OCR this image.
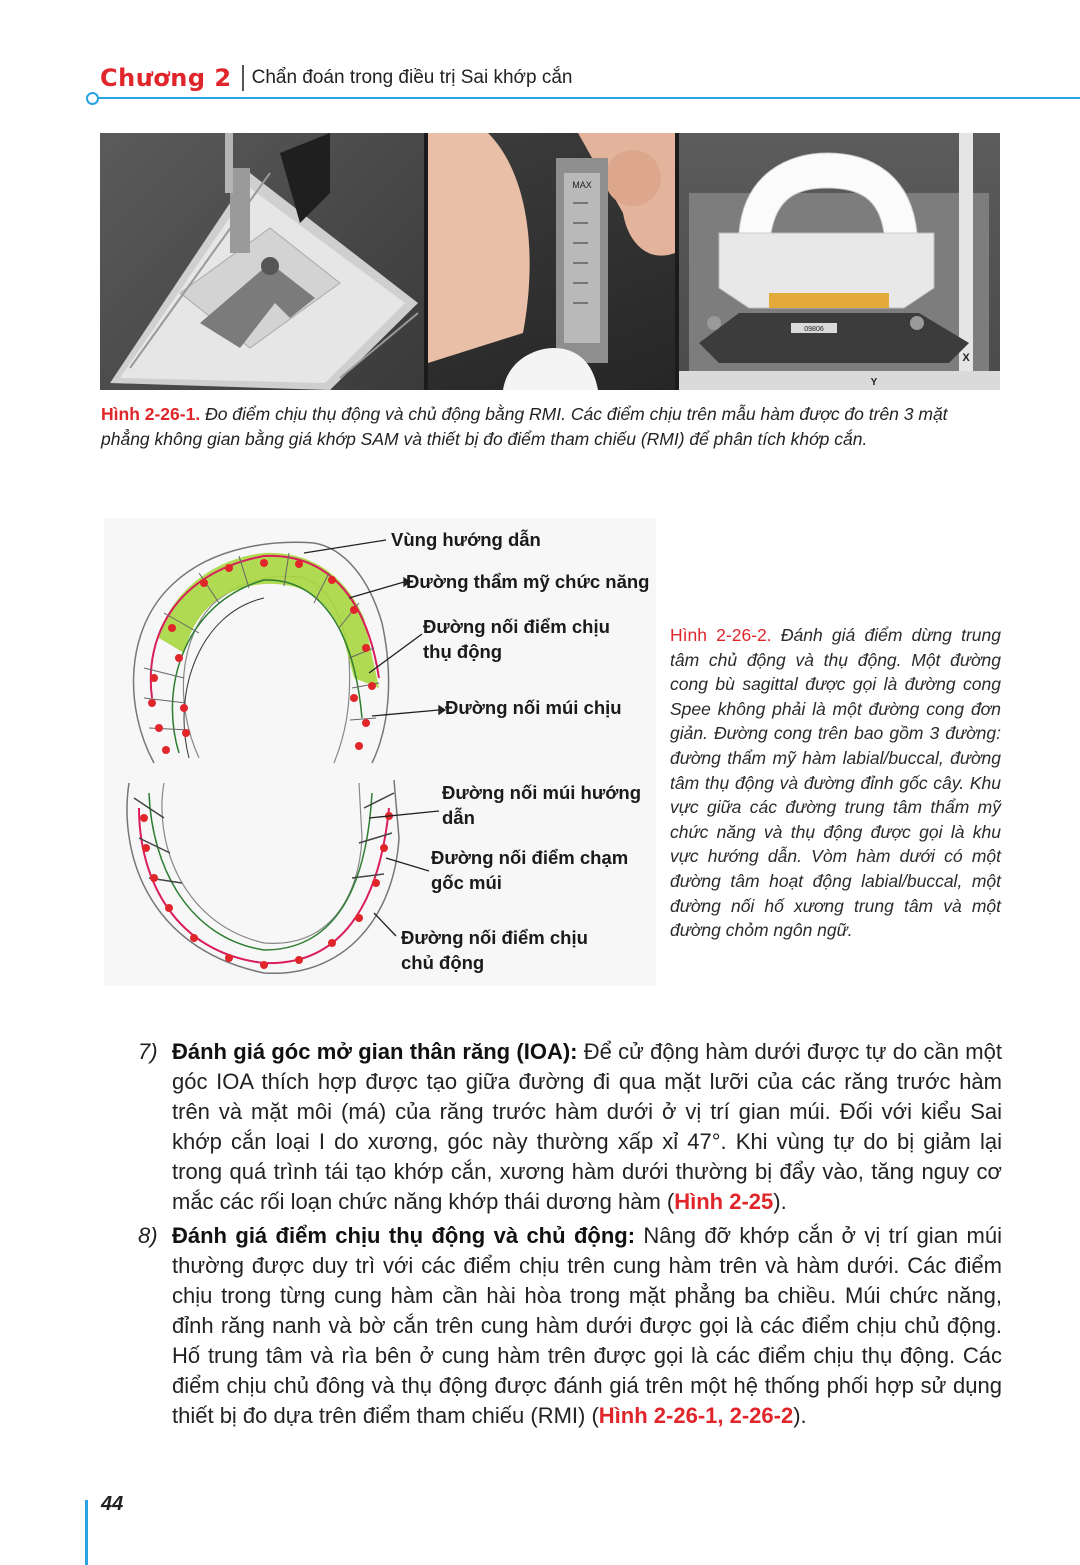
Chương 2 Chẩn đoán trong điều trị Sai khớp cắn
MAX
X
Y
09806
Hình 2-26-1. Đo điểm chịu thụ động và chủ động bằng RMI. Các điểm chịu trên mẫu hàm được đo trên 3 mặt phẳng không gian bằng giá khớp SAM và thiết bị đo điểm tham chiếu (RMI) để phân tích khớp cắn.
Vùng hướng dẫn
Đường thẩm mỹ chức năng
Đường nối điểm chịu thụ động
Đường nối múi chịu
Đường nối múi hướng dẫn
Đường nối điểm chạm gốc múi
Đường nối điểm chịu chủ động
Hình 2-26-2. Đánh giá điểm dừng trung tâm chủ động và thụ động. Một đường cong bù sagittal được gọi là đường cong Spee không phải là một đường cong đơn giản. Đường cong trên bao gồm 3 đường: đường thẩm mỹ hàm labial/buccal, đường tâm thụ động và đường đỉnh gốc cây. Khu vực giữa các đường trung tâm thẩm mỹ chức năng và thụ động được gọi là khu vực hướng dẫn. Vòm hàm dưới có một đường tâm hoạt động labial/buccal, một đường nối hố xương trung tâm và một đường chỏm ngôn ngữ.
7) Đánh giá góc mở gian thân răng (IOA): Để cử động hàm dưới được tự do cần một góc IOA thích hợp được tạo giữa đường đi qua mặt lưỡi của các răng trước hàm trên và mặt môi (má) của răng trước hàm dưới ở vị trí gian múi. Đối với kiểu Sai khớp cắn loại I do xương, góc này thường xấp xỉ 47°. Khi vùng tự do bị giảm lại trong quá trình tái tạo khớp cắn, xương hàm dưới thường bị đẩy vào, tăng nguy cơ mắc các rối loạn chức năng khớp thái dương hàm (Hình 2-25).
8) Đánh giá điểm chịu thụ động và chủ động: Nâng đỡ khớp cắn ở vị trí gian múi thường được duy trì với các điểm chịu trên cung hàm trên và hàm dưới. Các điểm chịu trong từng cung hàm cần hài hòa trong mặt phẳng ba chiều. Múi chức năng, đỉnh răng nanh và bờ cắn trên cung hàm dưới được gọi là các điểm chịu chủ động. Hố trung tâm và rìa bên ở cung hàm trên được gọi là các điểm chịu thụ động. Các điểm chịu chủ đông và thụ động được đánh giá trên một hệ thống phối hợp sử dụng thiết bị đo dựa trên điểm tham chiếu (RMI) (Hình 2-26-1, 2-26-2).
44
